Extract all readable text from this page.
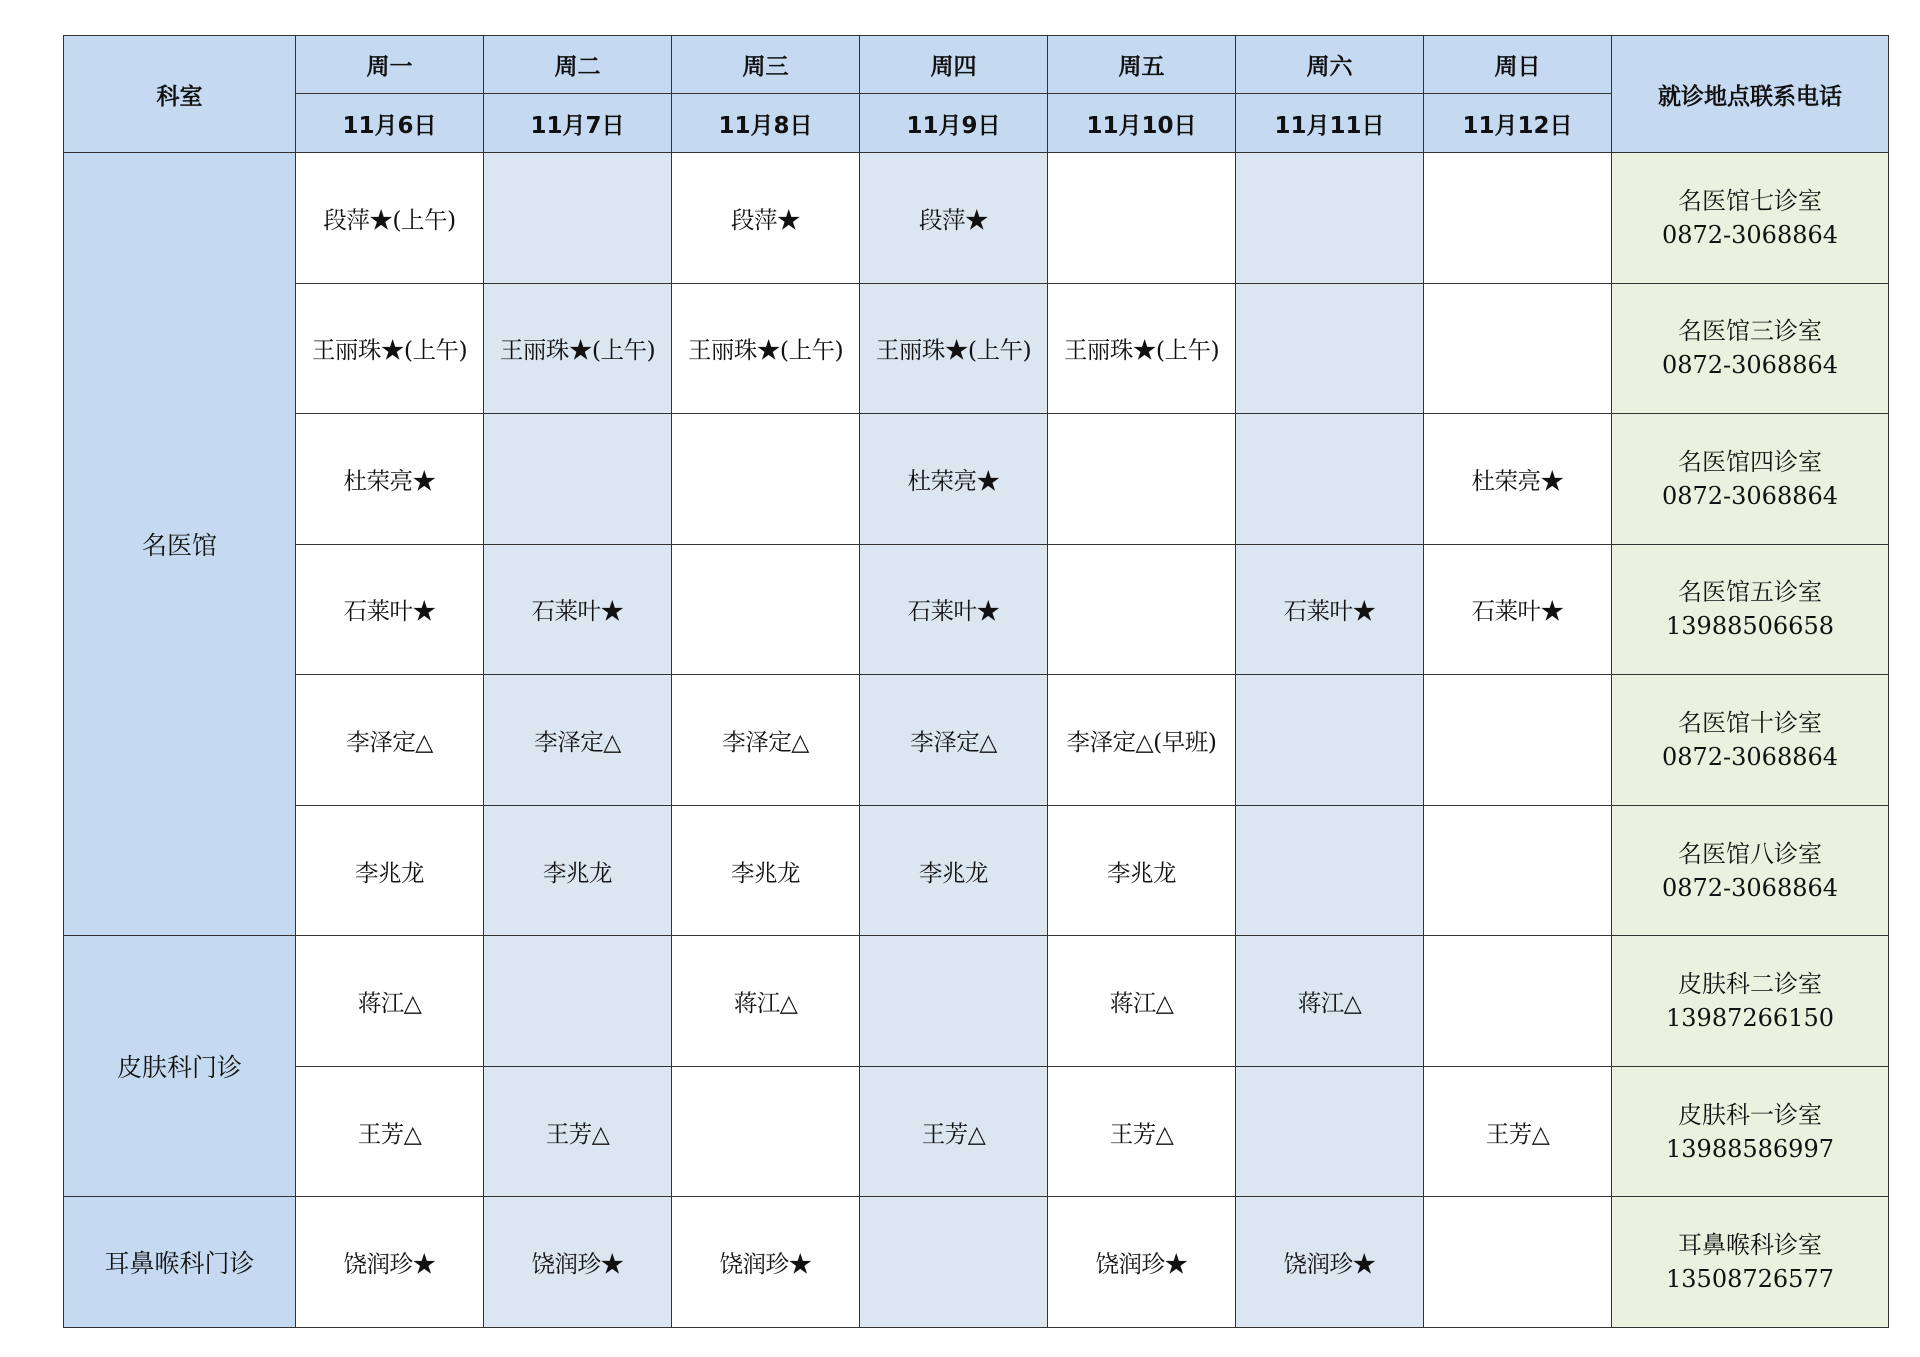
科室	周一	周二	周三	周四	周五	周六	周日	就诊地点联系电话
	11月6日	11月7日	11月8日	11月9日	11月10日	11月11日	11月12日	
名医馆	段萍★(上午)		段萍★	段萍★				名医馆七诊室
0872-3068864

	王丽珠★(上午)	王丽珠★(上午)	王丽珠★(上午)	王丽珠★(上午)	王丽珠★(上午)			名医馆三诊室
0872-3068864

	杜荣亮★			杜荣亮★			杜荣亮★	名医馆四诊室
0872-3068864

	石莱叶★	石莱叶★		石莱叶★		石莱叶★	石莱叶★	名医馆五诊室
13988506658

	李泽定△	李泽定△	李泽定△	李泽定△	李泽定△(早班)			名医馆十诊室
0872-3068864

	李兆龙	李兆龙	李兆龙	李兆龙	李兆龙			名医馆八诊室
0872-3068864

皮肤科门诊	蒋江△		蒋江△		蒋江△	蒋江△		皮肤科二诊室
13987266150

	王芳△	王芳△		王芳△	王芳△		王芳△	皮肤科一诊室
13988586997

耳鼻喉科门诊	饶润珍★	饶润珍★	饶润珍★		饶润珍★	饶润珍★		耳鼻喉科诊室
13508726577
